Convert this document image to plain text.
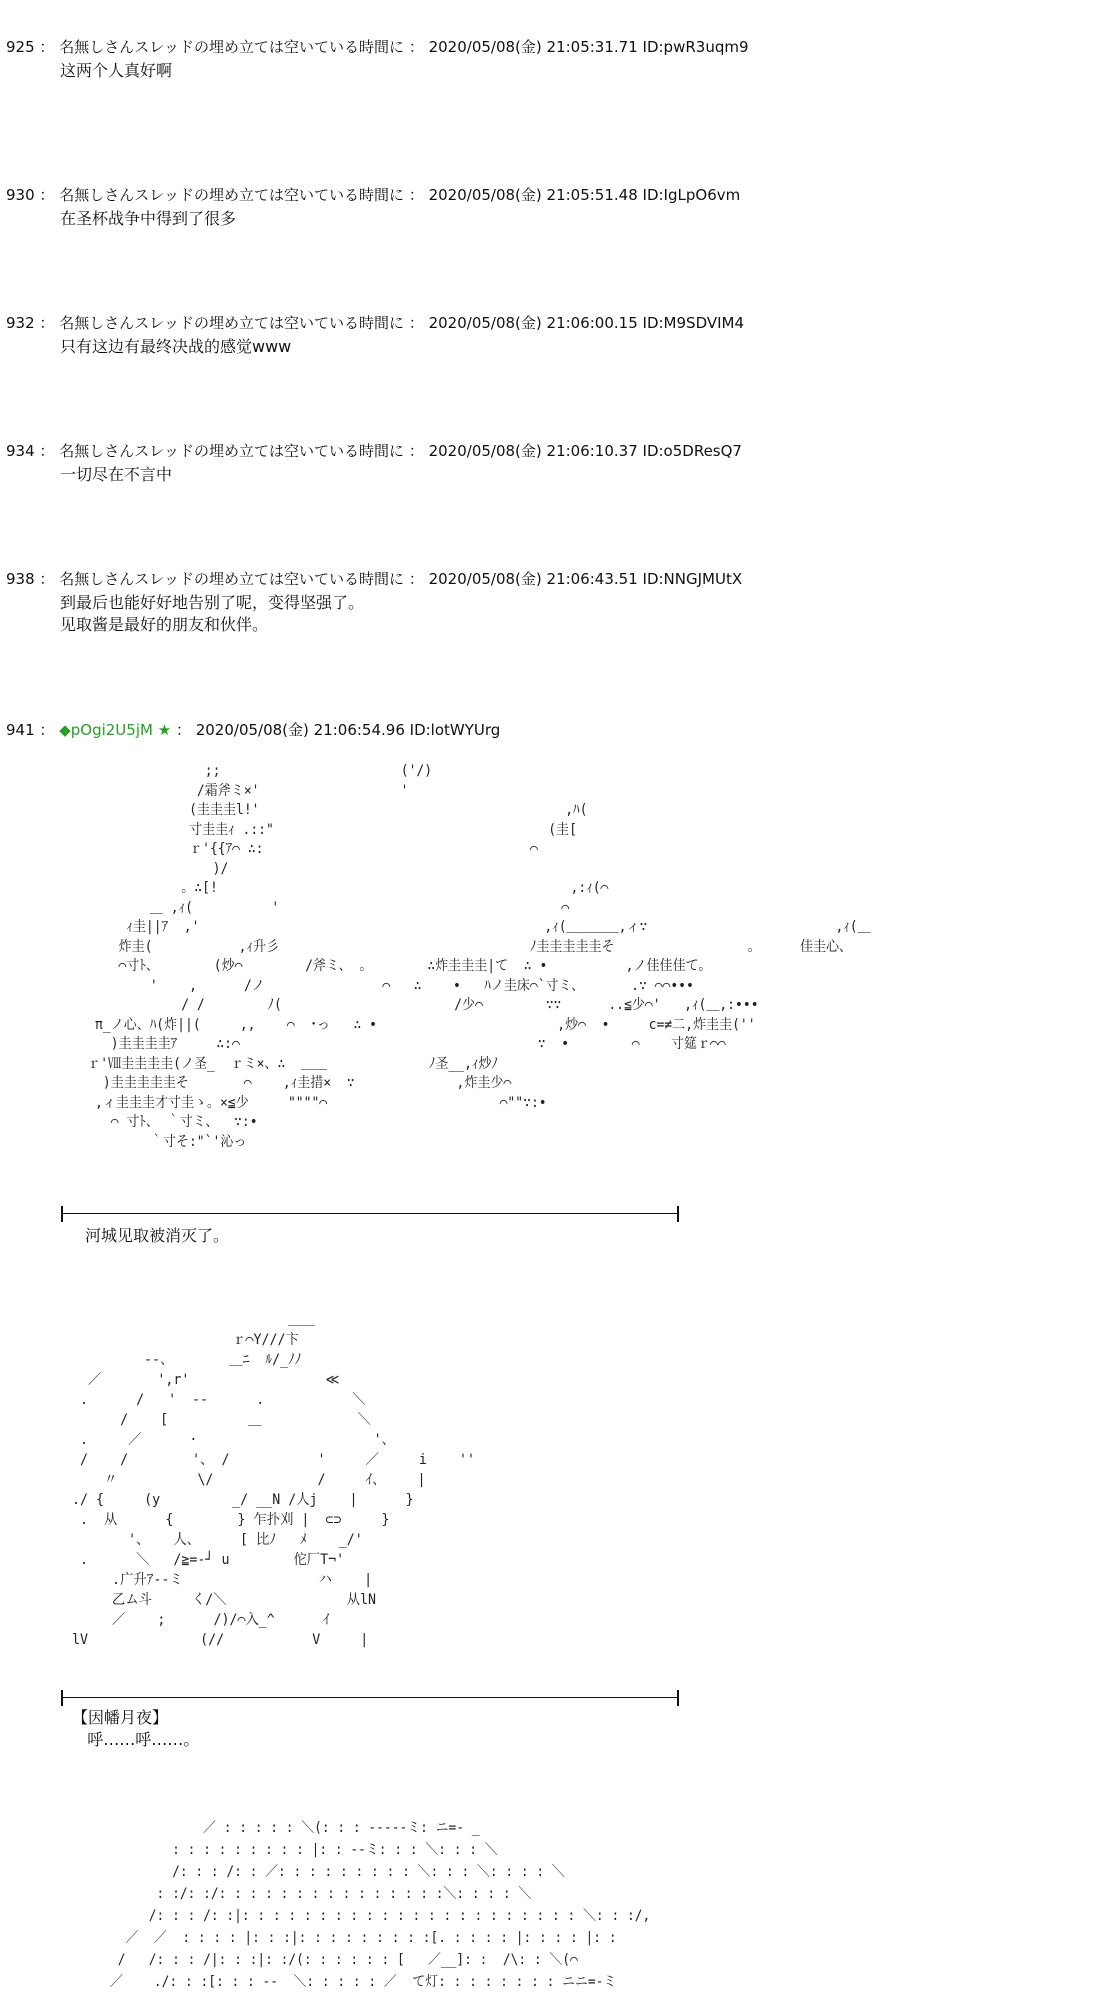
925 ： 名無しさんスレッドの埋め立ては空いている時間に ： 2020/05/08(金) 21:05:31.71 ID:pwR3uqm9
这两个人真好啊
930 ： 名無しさんスレッドの埋め立ては空いている時間に ： 2020/05/08(金) 21:05:51.48 ID:IgLpO6vm
在圣杯战争中得到了很多
932 ： 名無しさんスレッドの埋め立ては空いている時間に ： 2020/05/08(金) 21:06:00.15 ID:M9SDVIM4
只有这边有最终决战的感觉www
934 ： 名無しさんスレッドの埋め立ては空いている時間に ： 2020/05/08(金) 21:06:10.37 ID:o5DResQ7
一切尽在不言中
938 ： 名無しさんスレッドの埋め立ては空いている時間に ： 2020/05/08(金) 21:06:43.51 ID:NNGJMUtX
到最后也能好好地告别了呢，变得坚强了。
见取酱是最好的朋友和伙伴。
941 ： ◆pOgi2U5jM ★ ： 2020/05/08(金) 21:06:54.96 ID:lotWYUrg
;;                       ('/)
/霜斧ミ×'                  '
(圭圭圭l!'                                       ,ﾊ(
寸圭圭ｨ .::"                                   (圭[
ｒ'{{ｱ⌒ ∴:                                  ⌒
)/
。∴[!                                             ,:ｨ(⌒
＿ ,ｨ(          '                                    ⌒
ｨ圭||ｱ  ,'                                            ,ｨ(＿＿＿＿,ィ∵                        ,ｨ(＿
炸圭(           ,ｨ升彡                                ﾉ圭圭圭圭圭そ                 。     佳圭心、
⌒寸ﾄ、       (炒⌒        /斧ミ、 。       ∴炸圭圭圭|て  ∴ •          ,ノ佳佳佳て。
'    ,      /ノ               ⌒   ∴    •   ﾊノ圭床⌒`寸ミ、      .∵ ⌒⌒•••
/ /        ﾉ(                      /少⌒        ∵∵      ..≦少⌒'   ,ｨ(＿,:•••
π_ノ心、ﾊ(炸||(     ,,    ⌒  ･っ   ∴ •                       ,炒⌒  •     c=≠二,炸圭圭(''
)圭圭圭圭ｱ     ∴:⌒                                      ∵  •        ⌒    寸筵ｒ⌒⌒
ｒ'Ⅷ圭圭圭圭(ノ圣_  ｒミ×、∴  ＿＿             ﾉ圣__,ｨ炒ﾉ
)圭圭圭圭圭そ       ⌒    ,ｨ圭措×  ∵             ,炸圭少⌒
,ィ圭圭圭才寸圭ゝ。×≦少     """"⌒                      ⌒""∵:•
⌒ 寸ﾄ、 ｀寸ミ、  ∵:•
｀寸そ:"`'沁っ
河城见取被消灭了。
＿＿
ｒ⌒Y///卞
--、       ＿ﾆ  ﾙ/_ﾉﾉ
／       ',r'                 ≪
.      /   '  --      .           ＼
/    [          ＿            ＼
.     ／      ·                      '、
/    /        '、 /           '     ／     i    ''
〃          \/             /     ｲ、    |
./ {     (y         _/ __N /人j    |      }
.  从      {        } 乍扑刈 |  ⊂⊃     }
'、   人、     [ 比ﾉ   ﾒ    _/'
.      ＼   /≧=-┘ u        佗厂T¬'
.广升ｱ--ミ                 ハ    |
乙ム斗     く/＼               从lN
／    ;      /)/⌒入_^      ｲ
lV              (//           V     |
【因幡月夜】
呼……呼……。
／ : : : : : ＼(: : : -----ミ: ニ=- _
: : : : : : : : : |: : --ミ: : : ＼: : : ＼
/: : : /: : ／: : : : : : : : : ＼: : : ＼: : : : ＼
: :/: :/: : : : : : : : : : : : : : :＼: : : : ＼
/: : : /: :|: : : : : : : : : : : : : : : : : : : : : : ＼: : :/,
／  ／  : : : : |: : :|: : : : : : : : :[. : : : : |: : : : |: :
/   /: : : /|: : :|: :/(: : : : : : [   ／__]: :  /\: : ＼(⌒
／    ./: : :[: : : --  ＼: : : : : ／  て灯: : : : : : : : ニニ=-ミ
